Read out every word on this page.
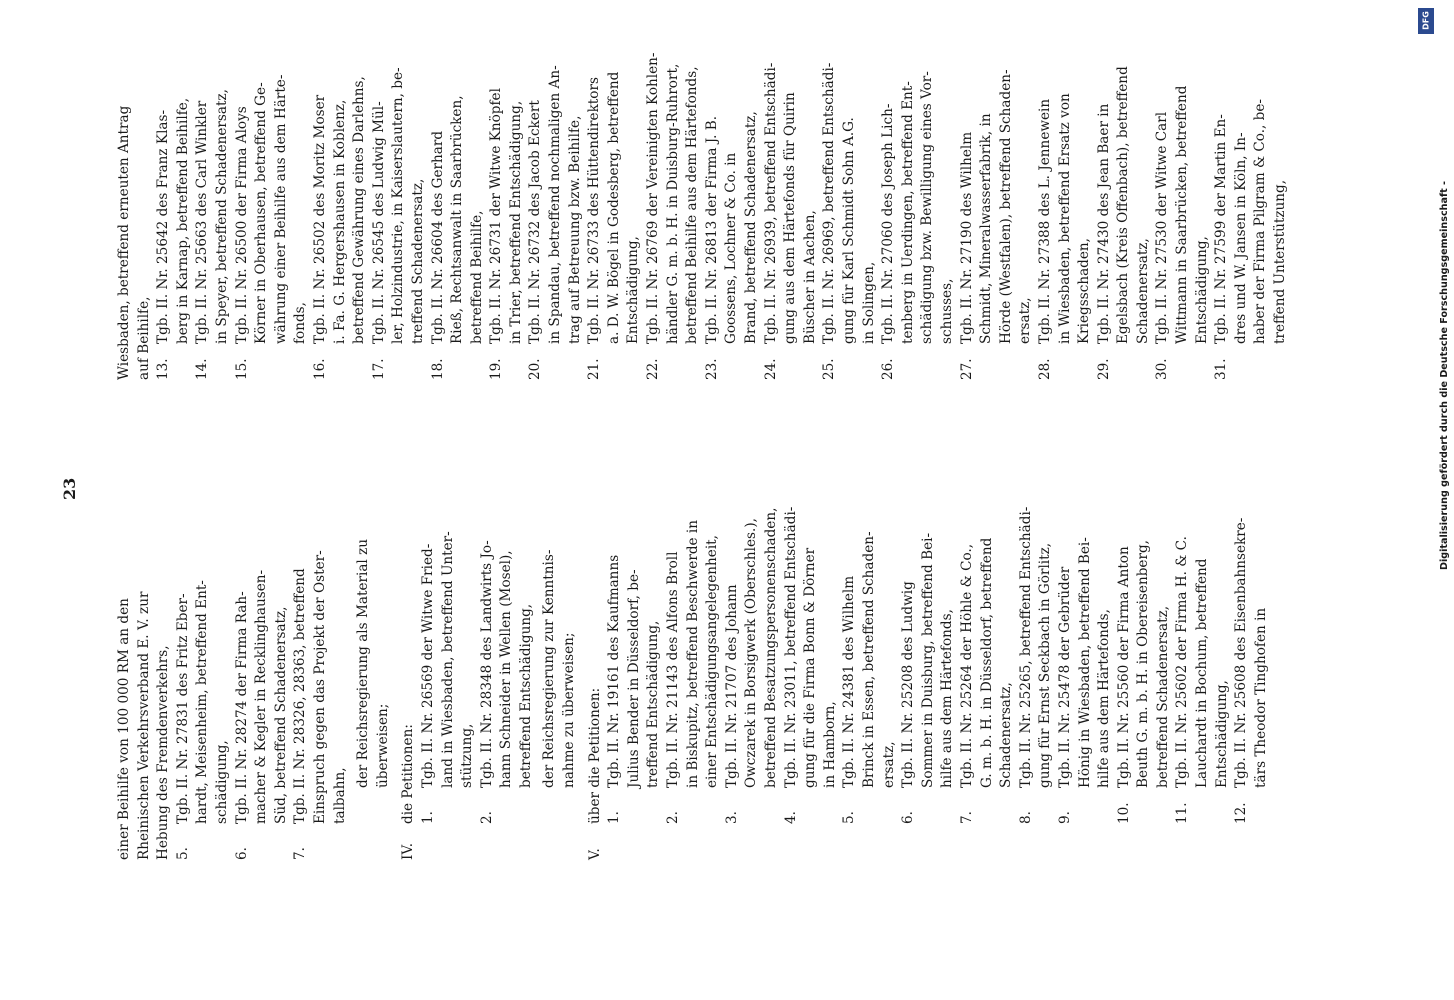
23
einer Beihilfe von 100 000 RM an den Rheinischen Verkehrsverband E. V. zur Hebung des Fremdenverkehrs, 5.
Tgb. II. Nr. 27831 des Fritz Eber- hardt, Meisenheim, betreffend Ent- schädigung,
6.
Tgb. II. Nr. 28274 der Firma Rah- macher & Kegler in Recklinghausen- Süd, betreffend Schadenersatz,
7.
Tgb. II. Nr. 28326, 28363, betreffend Einspruch gegen das Projekt der Oster- talbahn,
der Reichsregierung als Material zu überweisen;
IV.
die Petitionen: 1.
Tgb. II. Nr. 26569 der Witwe Fried- land in Wiesbaden, betreffend Unter- stützung,
2.
Tgb. II. Nr. 28348 des Landwirts Jo- hann Schneider in Wellen (Mosel), betreffend Entschädigung, der Reichsregierung zur Kenntnis- nahme zu überweisen;
V.
über die Petitionen: 1.
Tgb. II. Nr. 19161 des Kaufmanns Julius Bender in Düsseldorf, be- treffend Entschädigung,
2.
Tgb. II. Nr. 21143 des Alfons Broll in Biskupitz, betreffend Beschwerde in einer Entschädigungsangelegenheit,
3.
Tgb. II. Nr. 21707 des Johann Owczarek in Borsigwerk (Oberschles.), betreffend Besatzungspersonenschaden,
4.
Tgb. II. Nr. 23011, betreffend Entschädi- gung für die Firma Bonn & Dörner in Hamborn,
5.
Tgb. II. Nr. 24381 des Wilhelm Brinck in Essen, betreffend Schaden- ersatz,
6.
Tgb. II. Nr. 25208 des Ludwig Sommer in Duisburg, betreffend Bei- hilfe aus dem Härtefonds,
7.
Tgb. II. Nr. 25264 der Höhle & Co., G. m. b. H. in Düsseldorf, betreffend Schadenersatz,
8.
Tgb. II. Nr. 25265, betreffend Entschädi- gung für Ernst Seckbach in Görlitz,
9.
Tgb. II. Nr. 25478 der Gebrüder Hönig in Wiesbaden, betreffend Bei- hilfe aus dem Härtefonds,
10.
Tgb. II. Nr. 25560 der Firma Anton Beuth G. m. b. H. in Obereisenberg, betreffend Schadenersatz,
11.
Tgb. II. Nr. 25602 der Firma H. & C. Lauchardt in Bochum, betreffend Entschädigung,
12.
Tgb. II. Nr. 25608 des Eisenbahnsekre- tärs Theodor Tinghofen in
Wiesbaden, betreffend erneuten Antrag auf Beihilfe, 13.
Tgb. II. Nr. 25642 des Franz Klas- berg in Karnap, betreffend Beihilfe,
14.
Tgb. II. Nr. 25663 des Carl Winkler in Speyer, betreffend Schadenersatz,
15.
Tgb. II. Nr. 26500 der Firma Aloys Körner in Oberhausen, betreffend Ge- währung einer Beihilfe aus dem Härte- fonds,
16.
Tgb. II. Nr. 26502 des Moritz Moser i. Fa. G. Hergershausen in Koblenz, betreffend Gewährung eines Darlehns,
17.
Tgb. II. Nr. 26545 des Ludwig Mül- ler, Holzindustrie, in Kaiserslautern, be- treffend Schadenersatz,
18.
Tgb. II. Nr. 26604 des Gerhard Rieß, Rechtsanwalt in Saarbrücken, betreffend Beihilfe,
19.
Tgb. II. Nr. 26731 der Witwe Knöpfel in Trier, betreffend Entschädigung,
20.
Tgb. II. Nr. 26732 des Jacob Eckert in Spandau, betreffend nochmaligen An- trag auf Betreuung bzw. Beihilfe,
21.
Tgb. II. Nr. 26733 des Hüttendirektors a. D. W. Bögel in Godesberg, betreffend Entschädigung,
22.
Tgb. II. Nr. 26769 der Vereinigten Kohlen- händler G. m. b. H. in Duisburg-Ruhrort, betreffend Beihilfe aus dem Härtefonds,
23.
Tgb. II. Nr. 26813 der Firma J. B. Goossens, Lochner & Co. in Brand, betreffend Schadenersatz,
24.
Tgb. II. Nr. 26939, betreffend Entschädi- gung aus dem Härtefonds für Quirin Büscher in Aachen,
25.
Tgb. II. Nr. 26969, betreffend Entschädi- gung für Karl Schmidt Sohn A.G. in Solingen,
26.
Tgb. II. Nr. 27060 des Joseph Lich- tenberg in Uerdingen, betreffend Ent- schädigung bzw. Bewilligung eines Vor- schusses,
27.
Tgb. II. Nr. 27190 des Wilhelm Schmidt, Mineralwasserfabrik, in Hörde (Westfalen), betreffend Schaden- ersatz,
28.
Tgb. II. Nr. 27388 des L. Jennewein in Wiesbaden, betreffend Ersatz von Kriegsschaden,
29.
Tgb. II. Nr. 27430 des Jean Baer in Egelsbach (Kreis Offenbach), betreffend Schadenersatz,
30.
Tgb. II. Nr. 27530 der Witwe Carl Wittmann in Saarbrücken, betreffend Entschädigung,
31.
Tgb. II. Nr. 27599 der Martin En- dres und W. Jansen in Köln, In- haber der Firma Pilgram & Co., be- treffend Unterstützung,	Digitalisierung gefördert durch die Deutsche Forschungsgemeinschaft -
DFG
